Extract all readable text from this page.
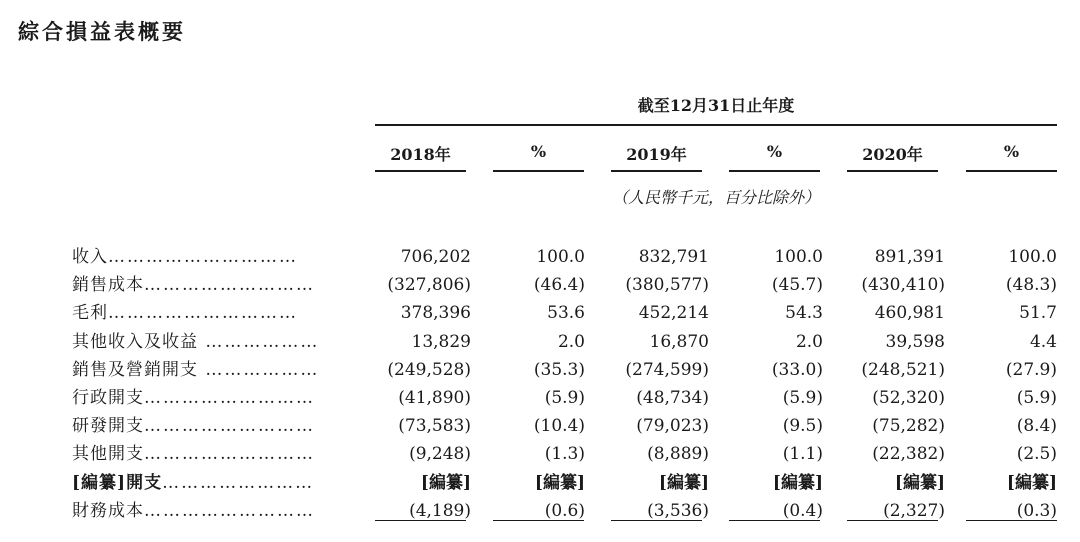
綜合損益表概要
截至12月31日止年度
2018年	%	2019年	%	2020年	%
（人民幣千元，百分比除外）
收入…………………………	706,202	100.0	832,791	100.0	891,391	100.0
銷售成本………………………	(327,806)	(46.4)	(380,577)	(45.7)	(430,410)	(48.3)
毛利…………………………	378,396	53.6	452,214	54.3	460,981	51.7
其他收入及收益 ………………	13,829	2.0	16,870	2.0	39,598	4.4
銷售及營銷開支 ………………	(249,528)	(35.3)	(274,599)	(33.0)	(248,521)	(27.9)
行政開支………………………	(41,890)	(5.9)	(48,734)	(5.9)	(52,320)	(5.9)
研發開支………………………	(73,583)	(10.4)	(79,023)	(9.5)	(75,282)	(8.4)
其他開支………………………	(9,248)	(1.3)	(8,889)	(1.1)	(22,382)	(2.5)
[編纂]開支……………………	[編纂]	[編纂]	[編纂]	[編纂]	[編纂]	[編纂]
財務成本………………………	(4,189)	(0.6)	(3,536)	(0.4)	(2,327)	(0.3)
